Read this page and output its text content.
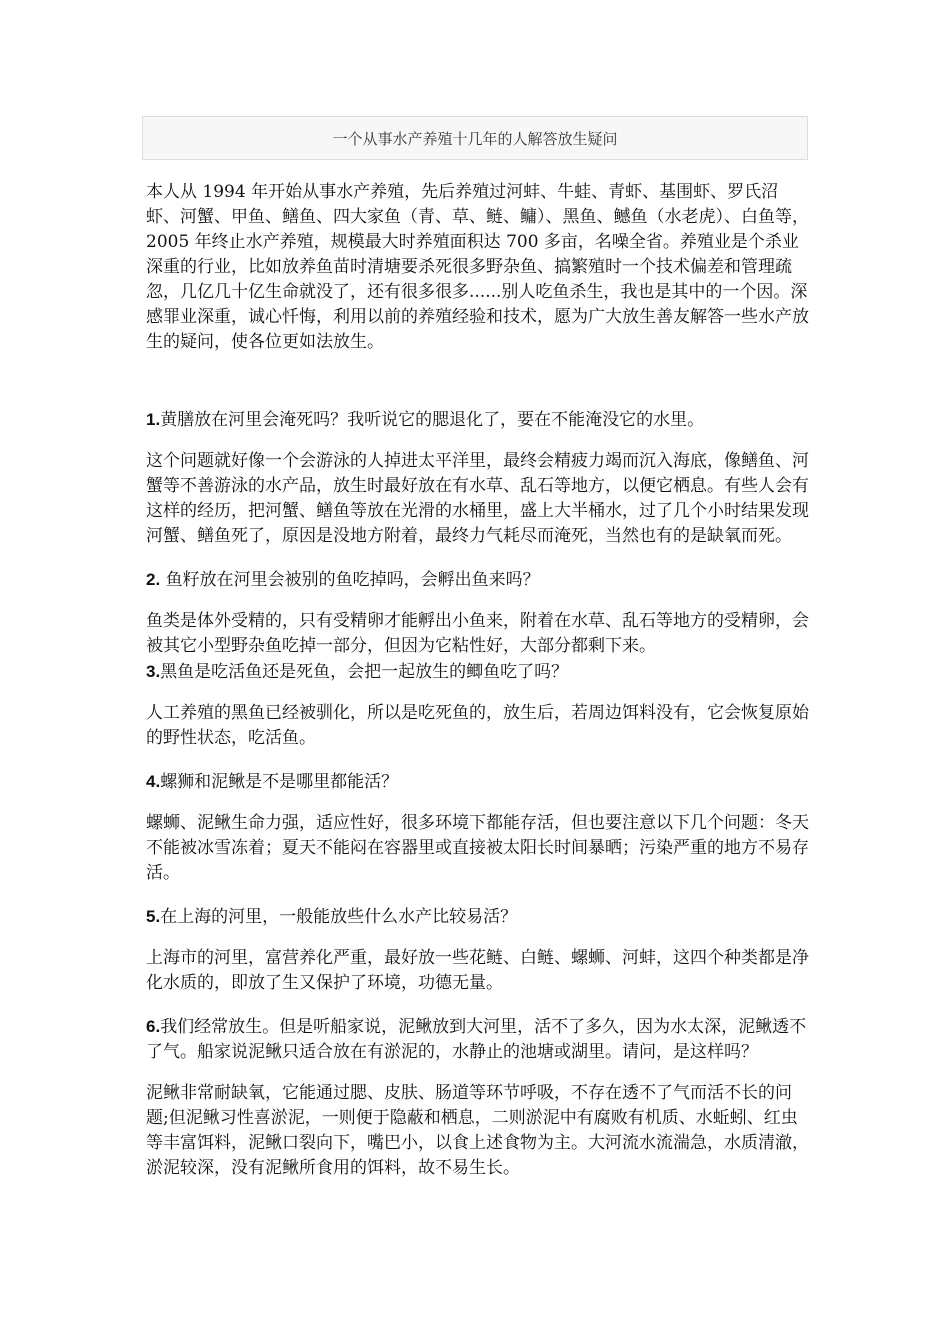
一个从事水产养殖十几年的人解答放生疑问

本人从 1994 年开始从事水产养殖，先后养殖过河蚌、牛蛙、青虾、基围虾、罗氏沼虾、河蟹、甲鱼、鳝鱼、四大家鱼（青、草、鲢、鳙）、黑鱼、鳡鱼（水老虎）、白鱼等，2005 年终止水产养殖，规模最大时养殖面积达 700 多亩，名噪全省。养殖业是个杀业深重的行业，比如放养鱼苗时清塘要杀死很多野杂鱼、搞繁殖时一个技术偏差和管理疏忽，几亿几十亿生命就没了，还有很多很多......别人吃鱼杀生，我也是其中的一个因。深感罪业深重，诚心忏悔，利用以前的养殖经验和技术，愿为广大放生善友解答一些水产放生的疑问，使各位更如法放生。

1.黄膳放在河里会淹死吗？我听说它的腮退化了，要在不能淹没它的水里。

这个问题就好像一个会游泳的人掉进太平洋里，最终会精疲力竭而沉入海底，像鳝鱼、河蟹等不善游泳的水产品，放生时最好放在有水草、乱石等地方，以便它栖息。有些人会有这样的经历，把河蟹、鳝鱼等放在光滑的水桶里，盛上大半桶水，过了几个小时结果发现河蟹、鳝鱼死了，原因是没地方附着，最终力气耗尽而淹死，当然也有的是缺氧而死。

2. 鱼籽放在河里会被别的鱼吃掉吗，会孵出鱼来吗？

鱼类是体外受精的，只有受精卵才能孵出小鱼来，附着在水草、乱石等地方的受精卵，会被其它小型野杂鱼吃掉一部分，但因为它粘性好，大部分都剩下来。

3.黑鱼是吃活鱼还是死鱼，会把一起放生的鲫鱼吃了吗？

人工养殖的黑鱼已经被驯化，所以是吃死鱼的，放生后，若周边饵料没有，它会恢复原始的野性状态，吃活鱼。

4.螺狮和泥鳅是不是哪里都能活？

螺蛳、泥鳅生命力强，适应性好，很多环境下都能存活，但也要注意以下几个问题：冬天不能被冰雪冻着；夏天不能闷在容器里或直接被太阳长时间暴晒；污染严重的地方不易存活。

5.在上海的河里，一般能放些什么水产比较易活？

上海市的河里，富营养化严重，最好放一些花鲢、白鲢、螺蛳、河蚌，这四个种类都是净化水质的，即放了生又保护了环境，功德无量。

6.我们经常放生。但是听船家说，泥鳅放到大河里，活不了多久，因为水太深，泥鳅透不了气。船家说泥鳅只适合放在有淤泥的，水静止的池塘或湖里。请问，是这样吗？

泥鳅非常耐缺氧，它能通过腮、皮肤、肠道等环节呼吸，不存在透不了气而活不长的问题;但泥鳅习性喜淤泥，一则便于隐蔽和栖息，二则淤泥中有腐败有机质、水蚯蚓、红虫等丰富饵料，泥鳅口裂向下，嘴巴小，以食上述食物为主。大河流水流湍急，水质清澈，淤泥较深，没有泥鳅所食用的饵料，故不易生长。
